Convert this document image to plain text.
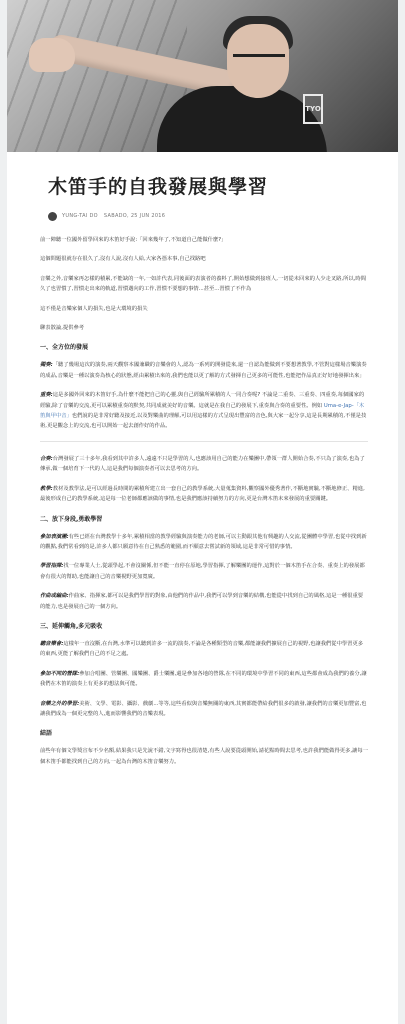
TYO
木笛手的自我發展與學習
YUNG-TAI DO SABADO, 25 JUN 2016

前一陣聽一位國外留學回來的木笛好手說:「回來幾年了,不知道自己能做什麼?」

這個問題很就存在很久了,沒有人說,沒有人給,大家各憑本事,自己找路吧

音樂之外,音樂家再怎樣的積累,不能缺的一年,一如許代表,同後面的表演者的養料了,開始想做到接班人,一切從未回來的人少走叉路,所以,時間久了也習慣了,習慣走出來的軌道,習慣邁向的工作,習慣不要想的事情...甚至...習慣了不作為

這不僅是音樂家個人的損失,也是大環境的損失

聊表散論,提供參考

一、全方位的發展

獨奏:「聽了幾場這次的演奏,兩天觀察本國兼職的音樂會的人,認為一系列的開發從來,還一自認為能做到不要想著教學,不管對這樣場音樂演奏的成品,音樂是一種以演奏為核心的狀態,經由累積出來的,我們也能以更了解的方式發揮自己更多的可能性,也能把作品真正好好地發揮出來」

重奏:這是多國外回來的木笛好手,為什麼不能把自己的心靈,與自己經驗所累積的人一同合奏呢? 不論是二重奏、三重奏、四重奏,每個國家的經驗,除了音樂的交流,更可以累積重奏的默契,共同成就美好的音樂。這就是在我自己的發展下,重奏與合奏的重要性。例如 Uma-e-Jap-「木笛與甲中音」也們說的是非常好聽及接近,以及對樂曲的理解,可以用這樣的方式呈現出豐富的音色,與大家一起分享,這是長期累積的,不僅是技術,更是觀念上的交流,也可以開始一起去創作好的作品。

合奏:台灣發展了三十多年,我看到其中許多人,遠遠不只是學習的人,也應該用自己的能力在樂團中,帶領一群人開始合奏,不只為了演奏,也為了傳承,做一個培育下一代的人,這是我們每個演奏者可以去思考的方向。

教學:教材及教學法,是可以經過長時間的累積所建立出一套自己的教學系統,大量蒐集資料,觀察國外優秀著作,不斷地實驗,不斷地修正、精進,最後形成自己的教學系統,這是每一位老師都應該做的事情,也是我們應該持續努力的方向,更是台灣木笛未來發展的重要關鍵。

二、放下身段,勇敢學習

參加表演團:有些已經在台灣教學十多年,累積相當的教學經驗與演奏能力的老師,可以主動跟其他有興趣的人交流,從團體中學習,也從中找到新的觀點,我們常看到的是,許多人都只願意待在自己熟悉的範圍,而不願意去嘗試新的領域,這是非常可惜的事情。

學習指揮:找一位專業人士,從頭學起,不會沒關係,但不能一直停在原地,學習指揮,了解樂團的運作,這對於一個木笛手在合奏、重奏上的發展都會有很大的幫助,也能讓自己的音樂視野更加寬廣。

作曲或編曲:作曲家、指揮家,都可以是我們學習的對象,由他們的作品中,我們可以學到音樂的結構,也能從中找到自己的風格,這是一種很重要的能力,也是發展自己的一個方向。

三、延伸觸角,多元吸收

聽音樂會:這樣年一直沒斷,在台灣,水準可以聽到許多一流的演奏,不論是各種類型的音樂,都能讓我們擴展自己的視野,也讓我們從中學習更多的東西,更能了解我們自己的不足之處。

參加不同的營隊:參加合唱團、管樂團、國樂團、爵士樂團,還是參加各地的營隊,在不同的環境中學習不同的東西,這些都會成為我們的養分,讓我們在木笛的演奏上有更多的想法與可能。

音樂之外的學習:美術、文學、電影、攝影、戲劇...等等,這些看似與音樂無關的東西,其實都能帶給我們很多的啟發,讓我們的音樂更加豐富,也讓我們成為一個更完整的人,進而影響我們的音樂表現。

結語

前些年有個文學獎宣布不少名額,結果我只是先說不錯,文字寫得也很清楚,有些人說要從頭開始,請花點時間去思考,也許我們能做得更多,讓每一個木笛手都能找到自己的方向,一起為台灣的木笛音樂努力。
